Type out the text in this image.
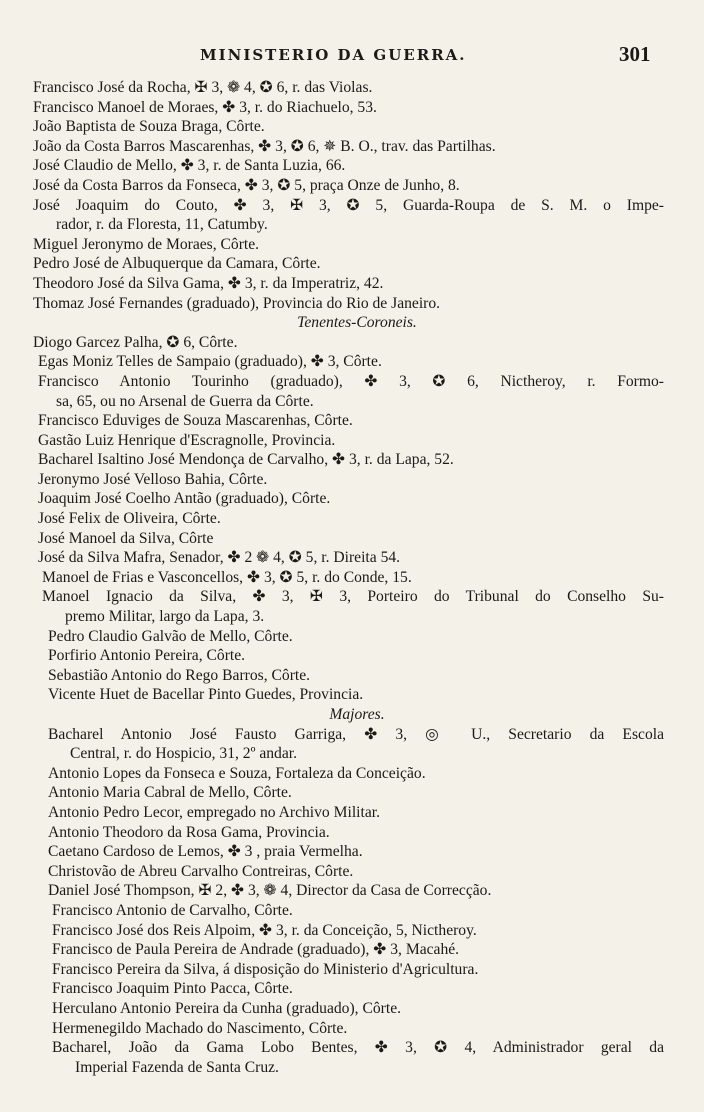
MINISTERIO DA GUERRA.	301
Francisco José da Rocha, ✠ 3, ❁ 4, ✪ 6, r. das Violas.
Francisco Manoel de Moraes, ✤ 3, r. do Riachuelo, 53.
João Baptista de Souza Braga, Côrte.
João da Costa Barros Mascarenhas, ✤ 3, ✪ 6, ✵ B. O., trav. das Partilhas.
José Claudio de Mello, ✤ 3, r. de Santa Luzia, 66.
José da Costa Barros da Fonseca, ✤ 3, ✪ 5, praça Onze de Junho, 8.
José Joaquim do Couto, ✤ 3, ✠ 3, ✪ 5, Guarda-Roupa de S. M. o Impe-
rador, r. da Floresta, 11, Catumby.
Miguel Jeronymo de Moraes, Côrte.
Pedro José de Albuquerque da Camara, Côrte.
Theodoro José da Silva Gama, ✤ 3, r. da Imperatriz, 42.
Thomaz José Fernandes (graduado), Provincia do Rio de Janeiro.
Tenentes-Coroneis.
Diogo Garcez Palha, ✪ 6, Côrte.
Egas Moniz Telles de Sampaio (graduado), ✤ 3, Côrte.
Francisco Antonio Tourinho (graduado), ✤ 3, ✪ 6, Nictheroy, r. Formo-
sa, 65, ou no Arsenal de Guerra da Côrte.
Francisco Eduviges de Souza Mascarenhas, Côrte.
Gastão Luiz Henrique d'Escragnolle, Provincia.
Bacharel Isaltino José Mendonça de Carvalho, ✤ 3, r. da Lapa, 52.
Jeronymo José Velloso Bahia, Côrte.
Joaquim José Coelho Antão (graduado), Côrte.
José Felix de Oliveira, Côrte.
José Manoel da Silva, Côrte
José da Silva Mafra, Senador, ✤ 2 ❁ 4, ✪ 5, r. Direita 54.
Manoel de Frias e Vasconcellos, ✤ 3, ✪ 5, r. do Conde, 15.
Manoel Ignacio da Silva, ✤ 3, ✠ 3, Porteiro do Tribunal do Conselho Su-
premo Militar, largo da Lapa, 3.
Pedro Claudio Galvão de Mello, Côrte.
Porfirio Antonio Pereira, Côrte.
Sebastião Antonio do Rego Barros, Côrte.
Vicente Huet de Bacellar Pinto Guedes, Provincia.
Majores.
Bacharel Antonio José Fausto Garriga, ✤ 3, ◎ U., Secretario da Escola
Central, r. do Hospicio, 31, 2º andar.
Antonio Lopes da Fonseca e Souza, Fortaleza da Conceição.
Antonio Maria Cabral de Mello, Côrte.
Antonio Pedro Lecor, empregado no Archivo Militar.
Antonio Theodoro da Rosa Gama, Provincia.
Caetano Cardoso de Lemos, ✤ 3 , praia Vermelha.
Christovão de Abreu Carvalho Contreiras, Côrte.
Daniel José Thompson, ✠ 2, ✤ 3, ❁ 4, Director da Casa de Correcção.
Francisco Antonio de Carvalho, Côrte.
Francisco José dos Reis Alpoim, ✤ 3, r. da Conceição, 5, Nictheroy.
Francisco de Paula Pereira de Andrade (graduado), ✤ 3, Macahé.
Francisco Pereira da Silva, á disposição do Ministerio d'Agricultura.
Francisco Joaquim Pinto Pacca, Côrte.
Herculano Antonio Pereira da Cunha (graduado), Côrte.
Hermenegildo Machado do Nascimento, Côrte.
Bacharel, João da Gama Lobo Bentes, ✤ 3, ✪ 4, Administrador geral da
Imperial Fazenda de Santa Cruz.
